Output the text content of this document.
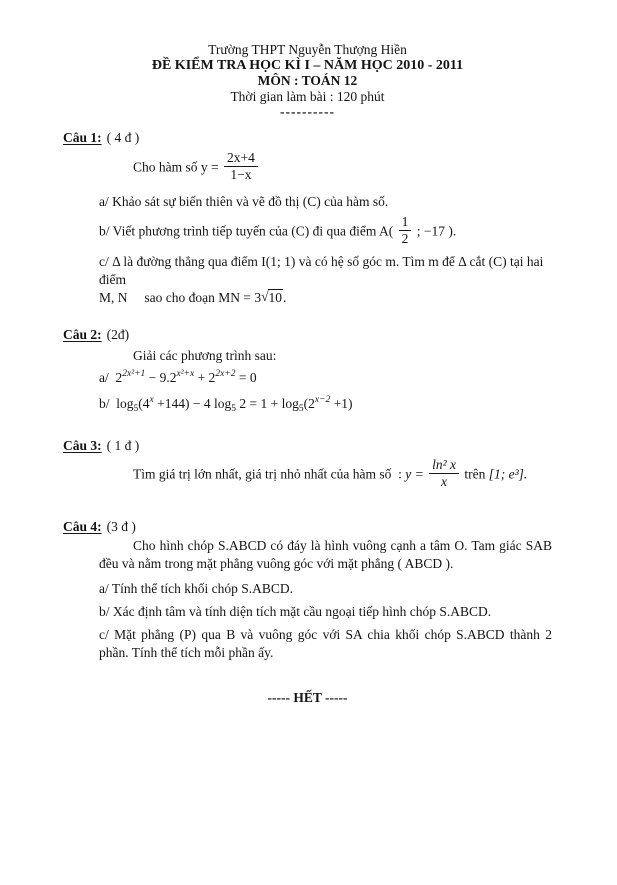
Trường THPT Nguyễn Thượng Hiền
ĐỀ KIỂM TRA HỌC KÌ I – NĂM HỌC 2010 - 2011
MÔN : TOÁN 12
Thời gian làm bài : 120 phút
----------
Câu 1: ( 4 đ )
Cho hàm số $y = \frac{2x+4}{1-x}$
a/ Khảo sát sự biến thiên và vẽ đồ thị (C) của hàm số.
b/ Viết phương trình tiếp tuyến của (C) đi qua điểm $A( \frac{1}{2}$ ; −17 ).
c/ Δ là đường thẳng qua điểm I(1; 1) và có hệ số góc m. Tìm m để Δ cắt (C) tại hai điểm
M, N     sao cho đoạn MN = 3√10.
Câu 2: (2đ)
Giải các phương trình sau:
a/ $2^{2x^2+1} - 9.2^{x^2+x} + 2^{2x+2} = 0$
b/ $\log_5(4^x +144) - 4$ $\log_5 2 = 1 + \log_5(2^{x-2} +1)$
Câu 3: ( 1 đ )
Tìm giá trị lớn nhất, giá trị nhỏ nhất của hàm số  : $y = \frac{\text{ln² x}}{x}$ trên [1; e³].
Câu 4: (3 đ )
Cho hình chóp S.ABCD có đáy là hình vuông cạnh a tâm O. Tam giác SAB đều và nằm trong mặt phẳng vuông góc với mặt phẳng ( ABCD ).
a/ Tính thể tích khối chóp S.ABCD.
b/ Xác định tâm và tính diện tích mặt cầu ngoại tiếp hình chóp S.ABCD.
c/ Mặt phẳng (P) qua B và vuông góc với SA chia khối chóp S.ABCD thành 2 phần. Tính thể tích mỗi phần ấy.
----- HẾT -----
